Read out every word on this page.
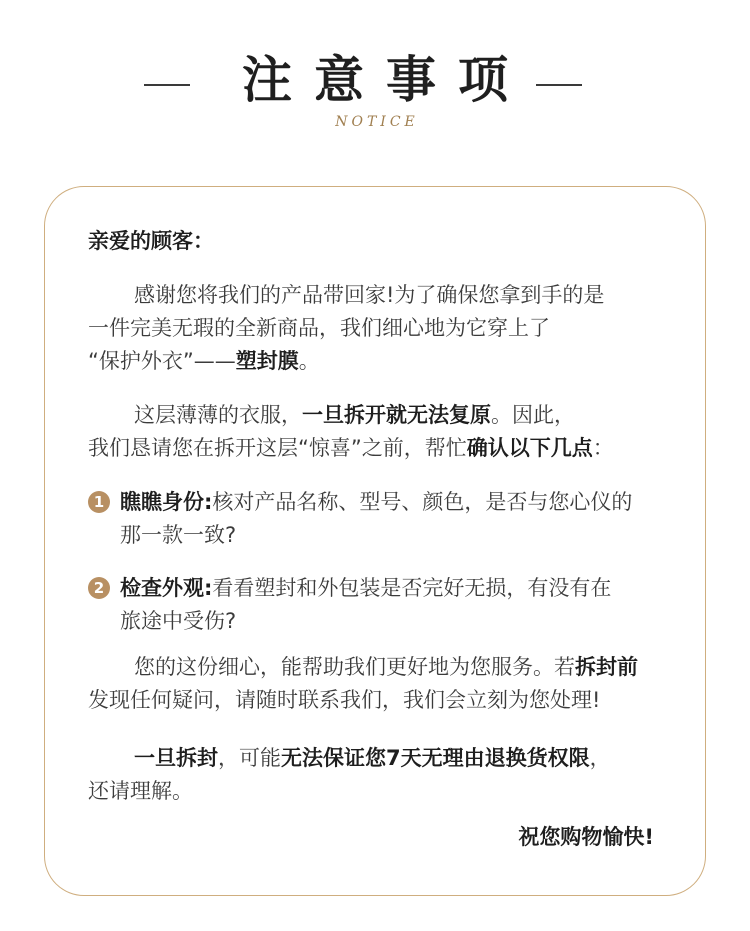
注意事项
NOTICE
亲爱的顾客：
感谢您将我们的产品带回家!为了确保您拿到手的是
一件完美无瑕的全新商品，我们细心地为它穿上了
“保护外衣”——塑封膜。
这层薄薄的衣服，一旦拆开就无法复原。因此，
我们恳请您在拆开这层“惊喜”之前，帮忙确认以下几点：
1 瞧瞧身份:核对产品名称、型号、颜色，是否与您心仪的
那一款一致?
2 检查外观:看看塑封和外包装是否完好无损，有没有在
旅途中受伤?
您的这份细心，能帮助我们更好地为您服务。若拆封前
发现任何疑问，请随时联系我们，我们会立刻为您处理!
一旦拆封，可能无法保证您7天无理由退换货权限，
还请理解。
祝您购物愉快!
